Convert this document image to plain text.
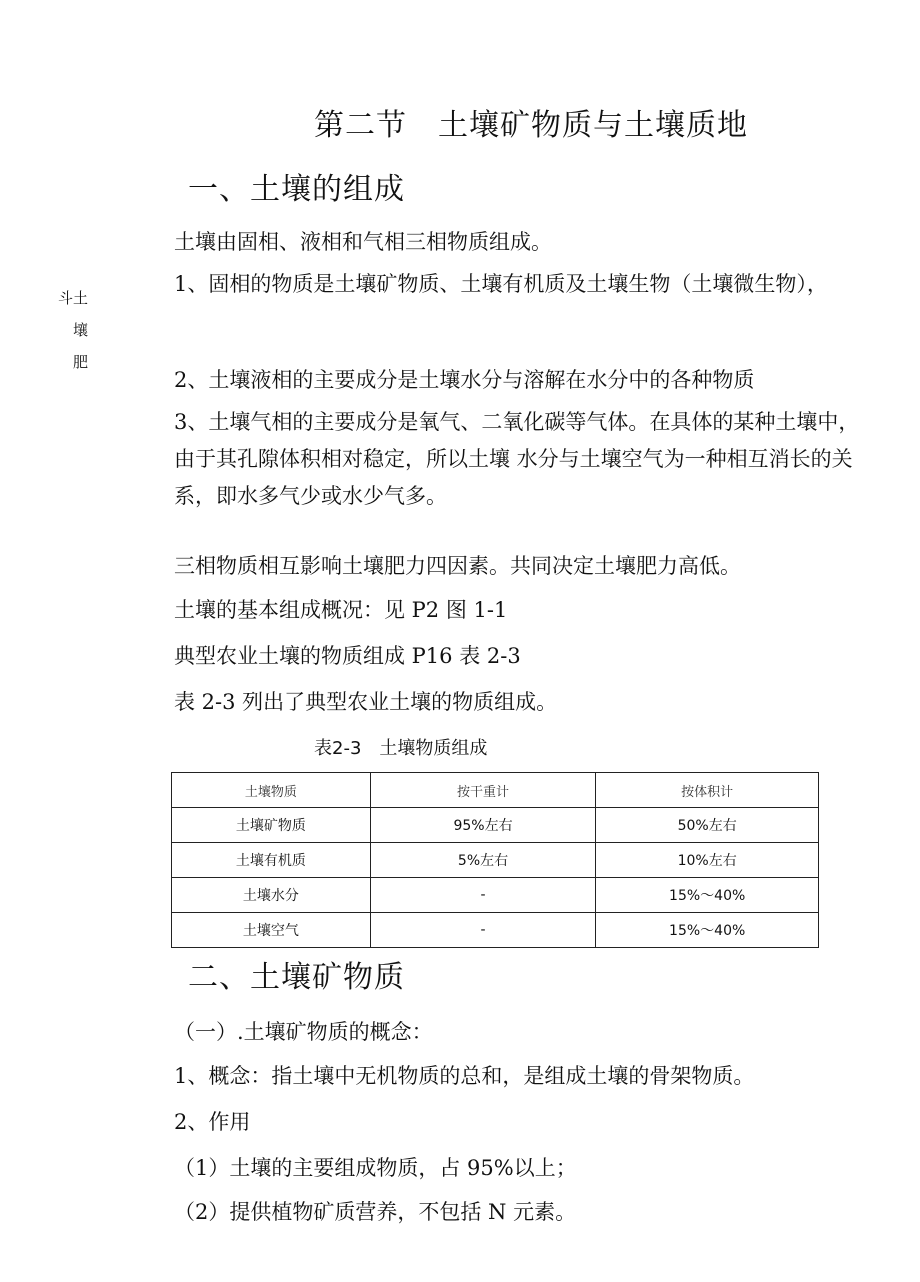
第二节　土壤矿物质与土壤质地
斗土
壤
肥
一、土壤的组成
土壤由固相、液相和气相三相物质组成。
1、固相的物质是土壤矿物质、土壤有机质及土壤生物（土壤微生物），
2、土壤液相的主要成分是土壤水分与溶解在水分中的各种物质
3、土壤气相的主要成分是氧气、二氧化碳等气体。在具体的某种土壤中，由于其孔隙体积相对稳定，所以土壤 水分与土壤空气为一种相互消长的关系，即水多气少或水少气多。
三相物质相互影响土壤肥力四因素。共同决定土壤肥力高低。
土壤的基本组成概况：见 P2 图 1-1
典型农业土壤的物质组成 P16 表 2-3
表 2-3 列出了典型农业土壤的物质组成。
表2-3 土壤物质组成
土壤物质	按干重计	按体积计
土壤矿物质	95%左右	50%左右
土壤有机质	5%左右	10%左右
土壤水分	-	15%～40%
土壤空气	-	15%～40%
二、土壤矿物质
（一）.土壤矿物质的概念：
1、概念：指土壤中无机物质的总和，是组成土壤的骨架物质。
2、作用
（1）土壤的主要组成物质，占 95%以上；
（2）提供植物矿质营养，不包括 N 元素。
